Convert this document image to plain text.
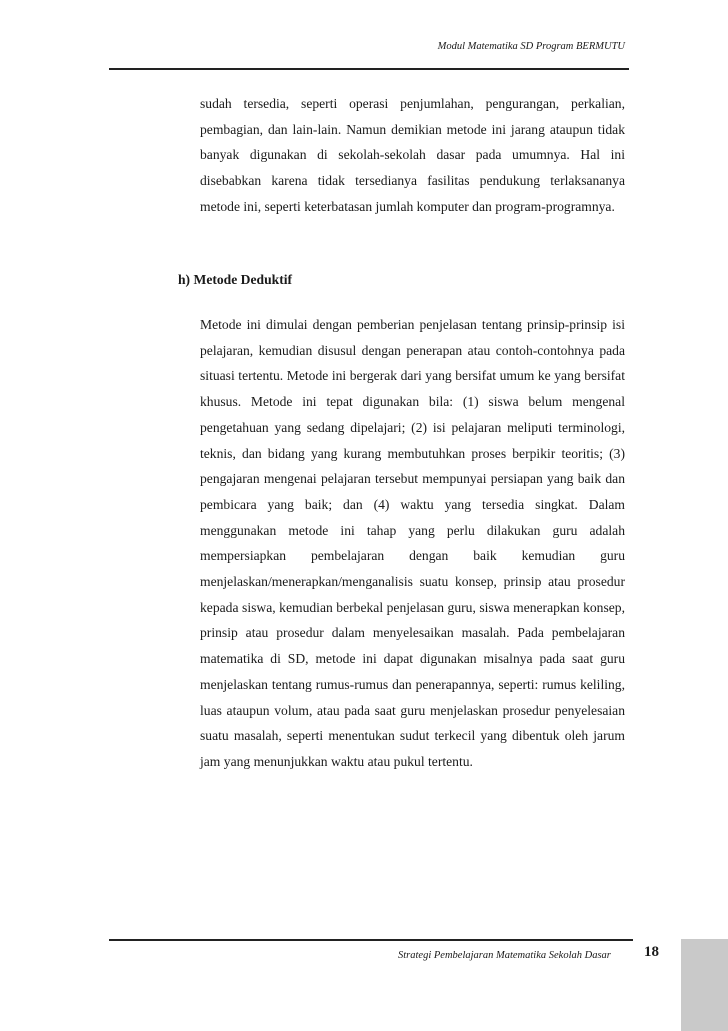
Modul Matematika SD Program BERMUTU

sudah tersedia, seperti operasi penjumlahan, pengurangan, perkalian, pembagian, dan lain-lain. Namun demikian metode ini jarang ataupun tidak banyak digunakan di sekolah-sekolah dasar pada umumnya. Hal ini disebabkan karena tidak tersedianya fasilitas pendukung terlaksananya metode ini, seperti keterbatasan jumlah komputer dan program-programnya.

h) Metode Deduktif

Metode ini dimulai dengan pemberian penjelasan tentang prinsip-prinsip isi pelajaran, kemudian disusul dengan penerapan atau contoh-contohnya pada situasi tertentu. Metode ini bergerak dari yang bersifat umum ke yang bersifat khusus. Metode ini tepat digunakan bila: (1) siswa belum mengenal pengetahuan yang sedang dipelajari; (2) isi pelajaran meliputi terminologi, teknis, dan bidang yang kurang membutuhkan proses berpikir teoritis; (3) pengajaran mengenai pelajaran tersebut mempunyai persiapan yang baik dan pembicara yang baik; dan (4) waktu yang tersedia singkat. Dalam menggunakan metode ini tahap yang perlu dilakukan guru adalah mempersiapkan pembelajaran dengan baik kemudian guru menjelaskan/menerapkan/menganalisis suatu konsep, prinsip atau prosedur kepada siswa, kemudian berbekal penjelasan guru, siswa menerapkan konsep, prinsip atau prosedur dalam menyelesaikan masalah. Pada pembelajaran matematika di SD, metode ini dapat digunakan misalnya pada saat guru menjelaskan tentang rumus-rumus dan penerapannya, seperti: rumus keliling, luas ataupun volum, atau pada saat guru menjelaskan prosedur penyelesaian suatu masalah, seperti menentukan sudut terkecil yang dibentuk oleh jarum jam yang menunjukkan waktu atau pukul tertentu.

Strategi Pembelajaran Matematika Sekolah Dasar 18
